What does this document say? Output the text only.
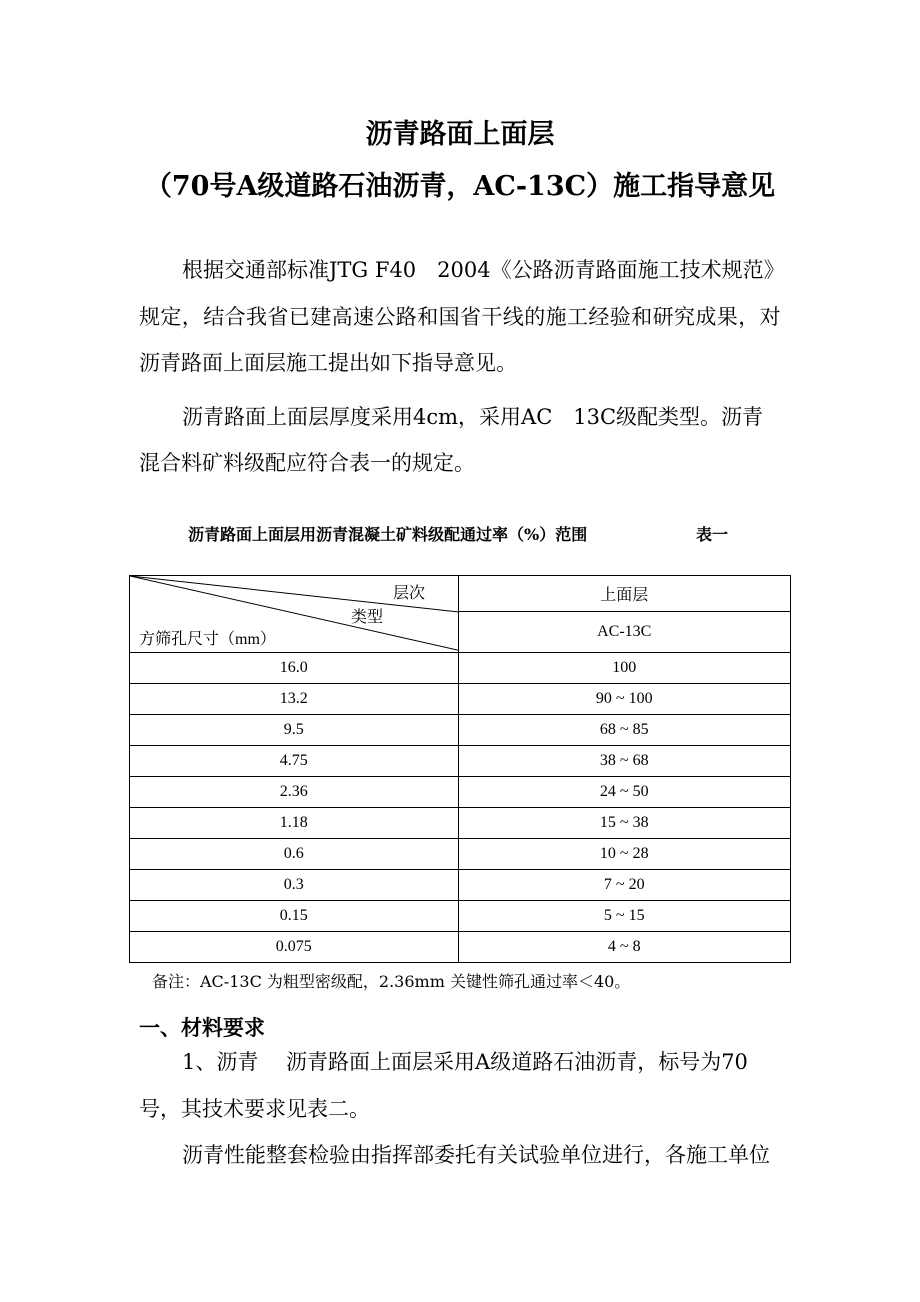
沥青路面上面层
（70号A级道路石油沥青，AC-13C）施工指导意见
根据交通部标准JTG F40　2004《公路沥青路面施工技术规范》
规定，结合我省已建高速公路和国省干线的施工经验和研究成果，对
沥青路面上面层施工提出如下指导意见。
沥青路面上面层厚度采用4cm，采用AC　13C级配类型。沥青
混合料矿料级配应符合表一的规定。
沥青路面上面层用沥青混凝土矿料级配通过率（%）范围	表一
层次
类型
方筛孔尺寸（mm）	上面层
	AC-13C
16.0	100
13.2	90 ~ 100
9.5	68 ~ 85
4.75	38 ~ 68
2.36	24 ~ 50
1.18	15 ~ 38
0.6	10 ~ 28
0.3	7 ~ 20
0.15	5 ~ 15
0.075	4 ~ 8
备注：AC-13C 为粗型密级配，2.36mm 关键性筛孔通过率＜40。
一、材料要求
1、沥青　 沥青路面上面层采用A级道路石油沥青，标号为70
号，其技术要求见表二。
沥青性能整套检验由指挥部委托有关试验单位进行，各施工单位
